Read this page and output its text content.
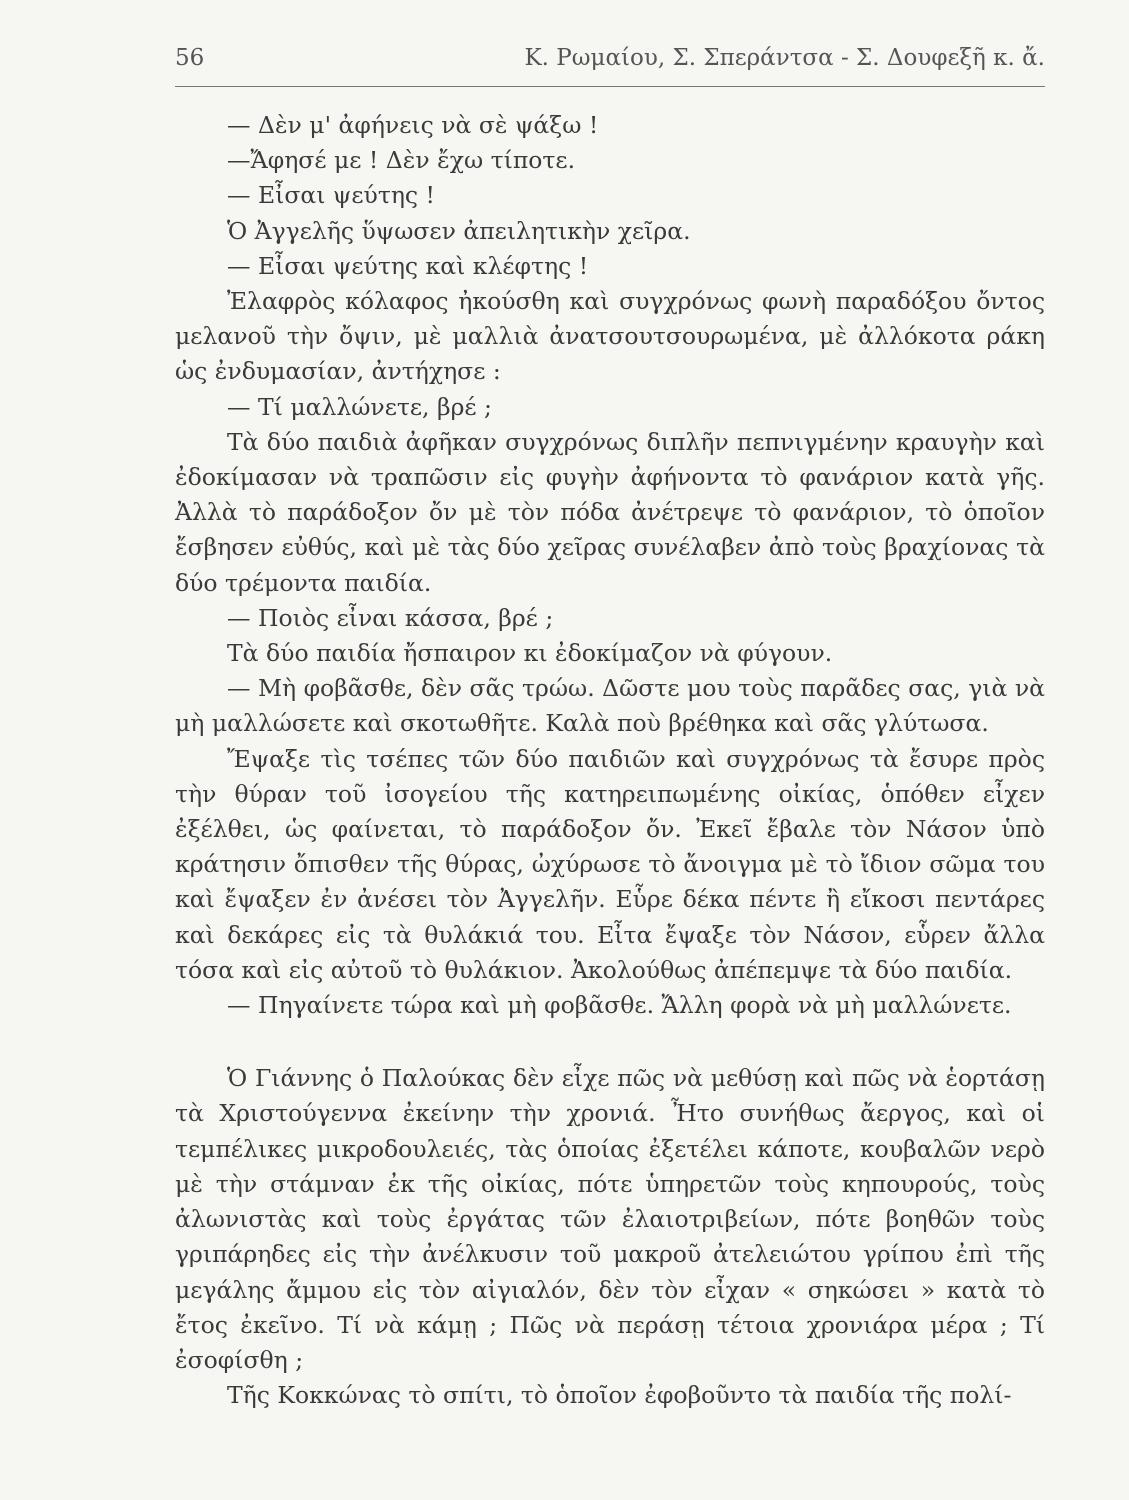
56	Κ. Ρωμαίου, Σ. Σπεράντσα - Σ. Δουφεξῆ κ. ἄ.

— Δὲν μ' ἀφήνεις νὰ σὲ ψάξω !

—Ἄφησέ με ! Δὲν ἔχω τίποτε.

— Εἶσαι ψεύτης !

Ὁ Ἀγγελῆς ὕψωσεν ἀπειλητικὴν χεῖρα.

— Εἶσαι ψεύτης καὶ κλέφτης !

Ἐλαφρὸς κόλαφος ἠκούσθη καὶ συγχρόνως φωνὴ παραδόξου ὄντος μελανοῦ τὴν ὄψιν, μὲ μαλλιὰ ἀνατσουτσουρωμένα, μὲ ἀλλόκοτα ράκη ὡς ἐνδυμασίαν, ἀντήχησε :

— Τί μαλλώνετε, βρέ ;

Τὰ δύο παιδιὰ ἀφῆκαν συγχρόνως διπλῆν πεπνιγμένην κραυγὴν καὶ ἐδοκίμασαν νὰ τραπῶσιν εἰς φυγὴν ἀφήνοντα τὸ φανάριον κατὰ γῆς. Ἀλλὰ τὸ παράδοξον ὄν μὲ τὸν πόδα ἀνέτρεψε τὸ φανάριον, τὸ ὁποῖον ἔσβησεν εὐθύς, καὶ μὲ τὰς δύο χεῖρας συνέλαβεν ἀπὸ τοὺς βραχίονας τὰ δύο τρέμοντα παιδία.

— Ποιὸς εἶναι κάσσα, βρέ ;

Τὰ δύο παιδία ἤσπαιρον κι ἐδοκίμαζον νὰ φύγουν.

— Μὴ φοβᾶσθε, δὲν σᾶς τρώω. Δῶστε μου τοὺς παρᾶδες σας, γιὰ νὰ μὴ μαλλώσετε καὶ σκοτωθῆτε. Καλὰ ποὺ βρέθηκα καὶ σᾶς γλύτωσα.

Ἔψαξε τὶς τσέπες τῶν δύο παιδιῶν καὶ συγχρόνως τὰ ἔσυρε πρὸς τὴν θύραν τοῦ ἰσογείου τῆς κατηρειπωμένης οἰκίας, ὁπόθεν εἶχεν ἐξέλθει, ὡς φαίνεται, τὸ παράδοξον ὄν. Ἐκεῖ ἔβαλε τὸν Νάσον ὑπὸ κράτησιν ὄπισθεν τῆς θύρας, ὠχύρωσε τὸ ἄνοιγμα μὲ τὸ ἴδιον σῶμα του καὶ ἔψαξεν ἐν ἀνέσει τὸν Ἀγγελῆν. Εὗρε δέκα πέντε ἢ εἴκοσι πεντάρες καὶ δεκάρες εἰς τὰ θυλάκιά του. Εἶτα ἔψαξε τὸν Νάσον, εὗρεν ἄλλα τόσα καὶ εἰς αὐτοῦ τὸ θυλάκιον. Ἀκολούθως ἀπέπεμψε τὰ δύο παιδία.

— Πηγαίνετε τώρα καὶ μὴ φοβᾶσθε. Ἄλλη φορὰ νὰ μὴ μαλλώνετε.

Ὁ Γιάννης ὁ Παλούκας δὲν εἶχε πῶς νὰ μεθύσῃ καὶ πῶς νὰ ἑορτάσῃ τὰ Χριστούγεννα ἐκείνην τὴν χρονιά. Ἦτο συνήθως ἄεργος, καὶ οἱ τεμπέλικες μικροδουλειές, τὰς ὁποίας ἐξετέλει κάποτε, κουβαλῶν νερὸ μὲ τὴν στάμναν ἐκ τῆς οἰκίας, πότε ὑπηρετῶν τοὺς κηπουρούς, τοὺς ἀλωνιστὰς καὶ τοὺς ἐργάτας τῶν ἐλαιοτριβείων, πότε βοηθῶν τοὺς γριπάρηδες εἰς τὴν ἀνέλκυσιν τοῦ μακροῦ ἀτελειώτου γρίπου ἐπὶ τῆς μεγάλης ἄμμου εἰς τὸν αἰγιαλόν, δὲν τὸν εἶχαν « σηκώσει » κατὰ τὸ ἔτος ἐκεῖνο. Τί νὰ κάμῃ ; Πῶς νὰ περάσῃ τέτοια χρονιάρα μέρα ; Τί ἐσοφίσθη ;

Τῆς Κοκκώνας τὸ σπίτι, τὸ ὁποῖον ἐφοβοῦντο τὰ παιδία τῆς πολί-
